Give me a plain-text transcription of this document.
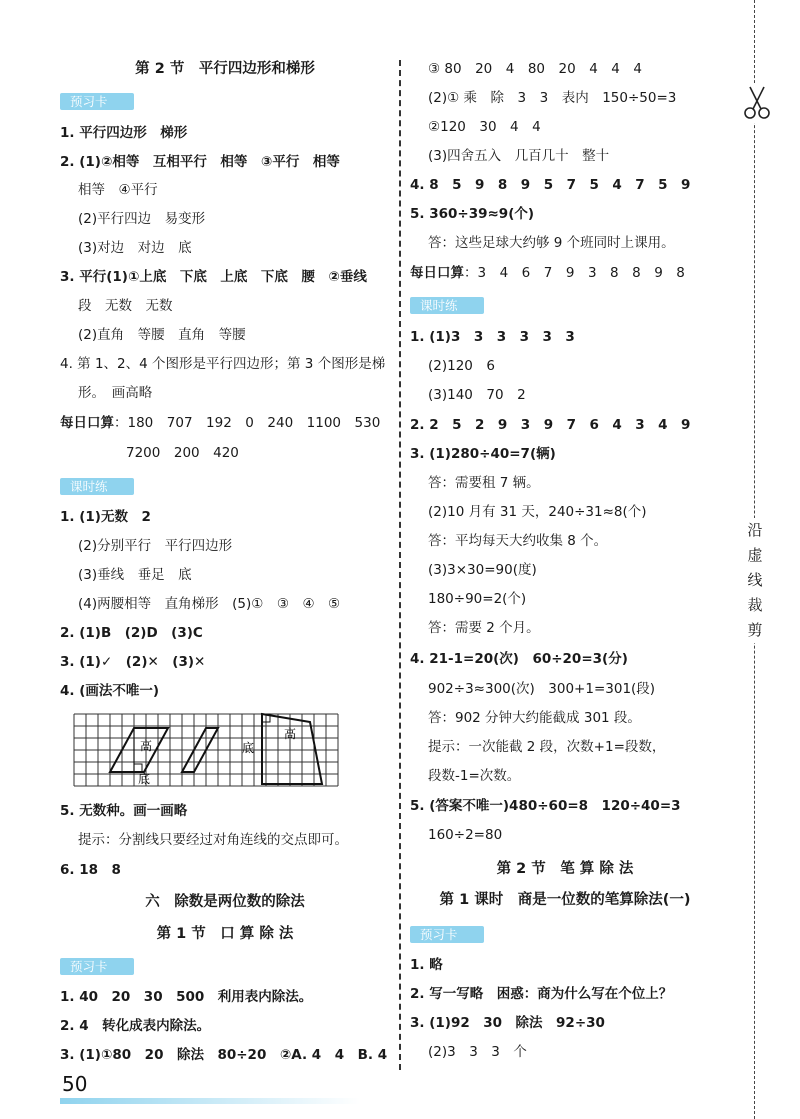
第 2 节　平行四边形和梯形
预习卡
1. 平行四边形　梯形
2. (1)②相等　互相平行　相等　③平行　相等
相等　④平行
(2)平行四边　易变形
(3)对边　对边　底
3. 平行(1)①上底　下底　上底　下底　腰　②垂线
段　无数　无数
(2)直角　等腰　直角　等腰
4. 第 1、2、4 个图形是平行四边形；第 3 个图形是梯
形。　画高略
每日口算：180　707　192　0　240　1100　530
7200　200　420
课时练
1. (1)无数　2
(2)分别平行　平行四边形
(3)垂线　垂足　底
(4)两腰相等　直角梯形　(5)①　③　④　⑤
2. (1)B　(2)D　(3)C
3. (1)✓　(2)✕　(3)✕
4. (画法不唯一)
高
底
底
高
5. 无数种。画一画略
提示：分割线只要经过对角连线的交点即可。
6. 18　8
六　除数是两位数的除法
第 1 节　口 算 除 法
预习卡
1. 40　20　30　500　利用表内除法。
2. 4　转化成表内除法。
3. (1)①80　20　除法　80÷20　②A. 4　4　B. 4
③ 80　20　4　80　20　4　4　4
(2)① 乘　除　3　3　表内　150÷50=3
②120　30　4　4
(3)四舍五入　几百几十　整十
4. 8　5　9　8　9　5　7　5　4　7　5　9
5. 360÷39≈9(个)
答：这些足球大约够 9 个班同时上课用。
每日口算：3　4　6　7　9　3　8　8　9　8
课时练
1. (1)3　3　3　3　3　3
(2)120　6
(3)140　70　2
2. 2　5　2　9　3　9　7　6　4　3　4　9
3. (1)280÷40=7(辆)
答：需要租 7 辆。
(2)10 月有 31 天，240÷31≈8(个)
答：平均每天大约收集 8 个。
(3)3×30=90(度)
180÷90=2(个)
答：需要 2 个月。
4. 21-1=20(次)　60÷20=3(分)
902÷3≈300(次)　300+1=301(段)
答：902 分钟大约能截成 301 段。
提示：一次能截 2 段，次数+1=段数，
段数-1=次数。
5. (答案不唯一)480÷60=8　120÷40=3
160÷2=80
第 2 节　笔 算 除 法
第 1 课时　商是一位数的笔算除法(一)
预习卡
1. 略
2. 写一写略　困惑：商为什么写在个位上？
3. (1)92　30　除法　92÷30
(2)3　3　3　个
沿虚线裁剪
50
